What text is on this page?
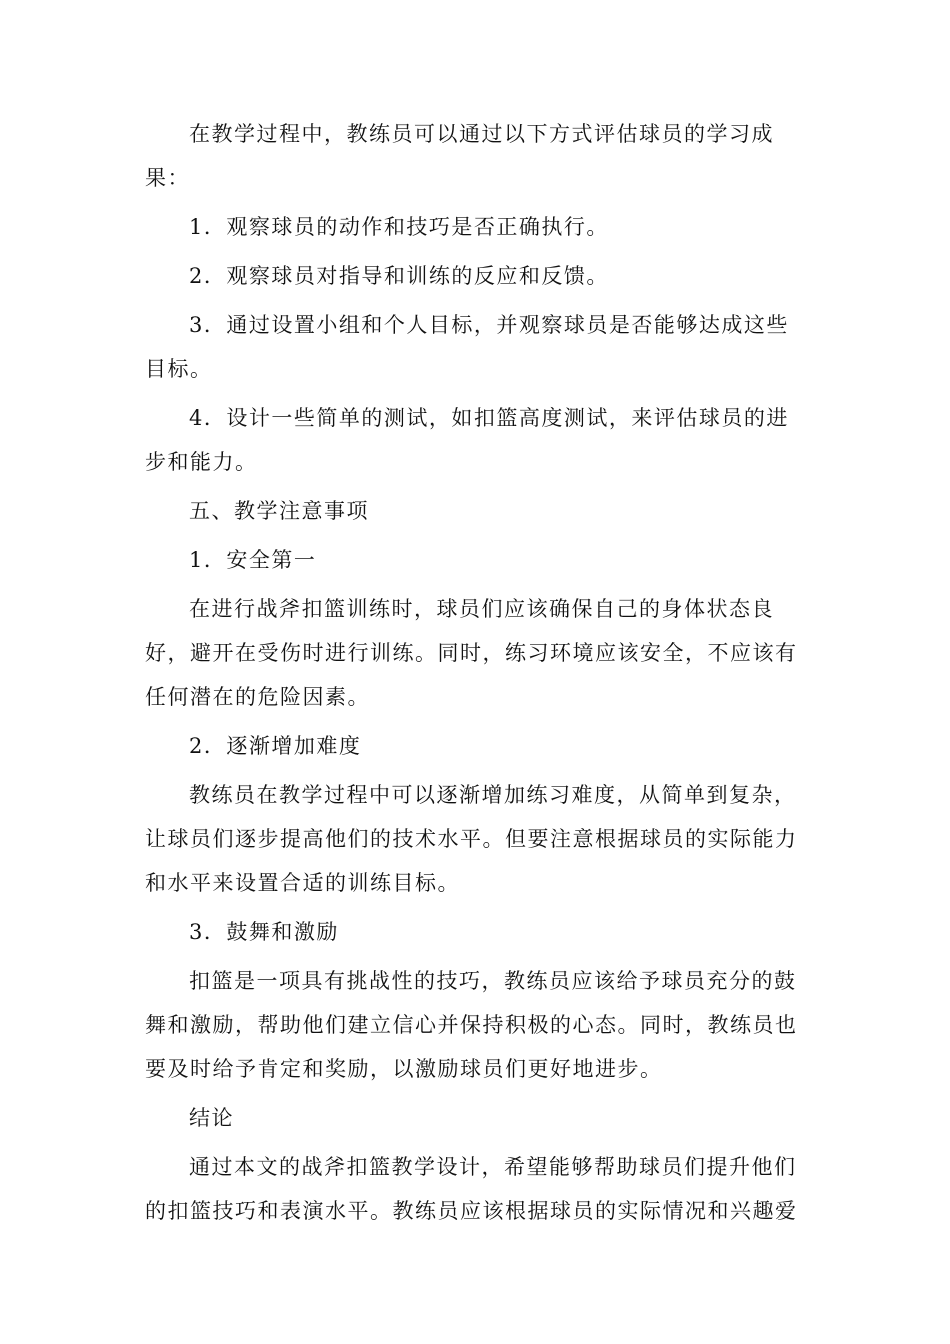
在教学过程中，教练员可以通过以下方式评估球员的学习成果：

1．观察球员的动作和技巧是否正确执行。

2．观察球员对指导和训练的反应和反馈。

3．通过设置小组和个人目标，并观察球员是否能够达成这些目标。

4．设计一些简单的测试，如扣篮高度测试，来评估球员的进步和能力。

五、教学注意事项

1．安全第一

在进行战斧扣篮训练时，球员们应该确保自己的身体状态良好，避开在受伤时进行训练。同时，练习环境应该安全，不应该有任何潜在的危险因素。

2．逐渐增加难度

教练员在教学过程中可以逐渐增加练习难度，从简单到复杂，让球员们逐步提高他们的技术水平。但要注意根据球员的实际能力和水平来设置合适的训练目标。

3．鼓舞和激励

扣篮是一项具有挑战性的技巧，教练员应该给予球员充分的鼓舞和激励，帮助他们建立信心并保持积极的心态。同时，教练员也要及时给予肯定和奖励，以激励球员们更好地进步。

结论

通过本文的战斧扣篮教学设计，希望能够帮助球员们提升他们的扣篮技巧和表演水平。教练员应该根据球员的实际情况和兴趣爱
